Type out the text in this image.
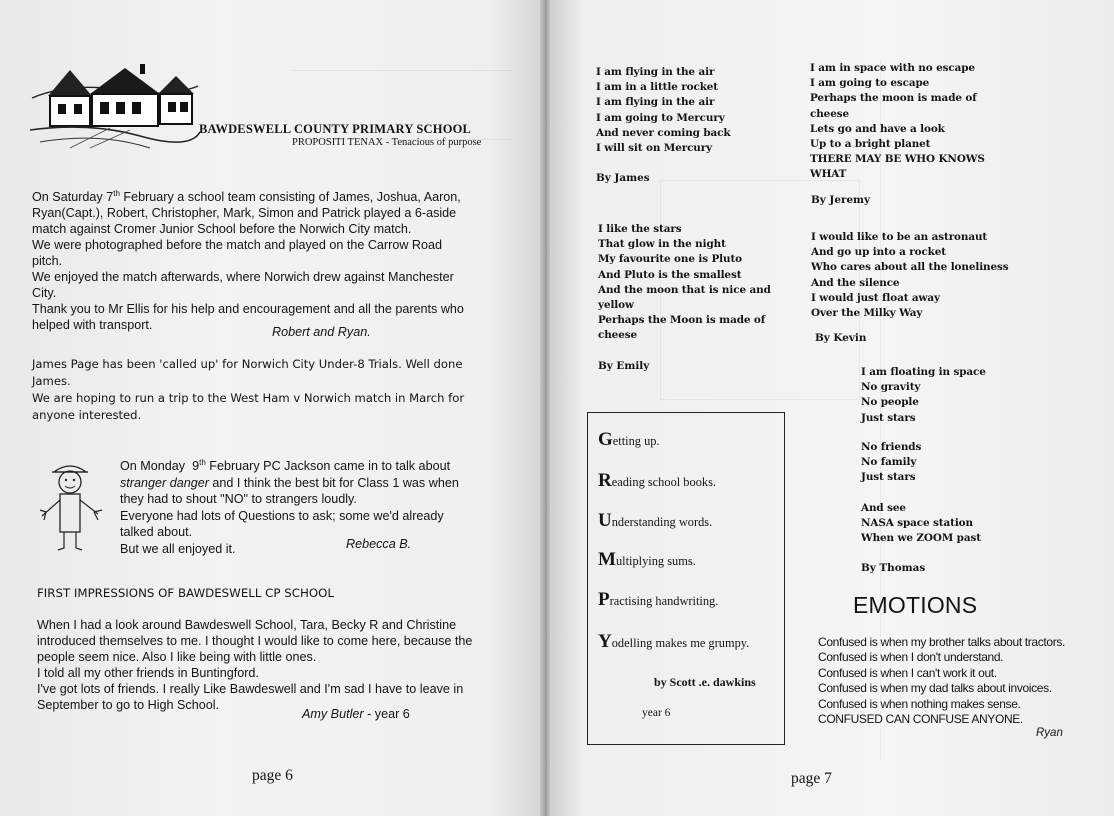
BAWDESWELL COUNTY PRIMARY SCHOOL
PROPOSITI TENAX - Tenacious of purpose
On Saturday 7th February a school team consisting of James, Joshua, Aaron,
Ryan(Capt.), Robert, Christopher, Mark, Simon and Patrick played a 6-aside
match against Cromer Junior School before the Norwich City match.
We were photographed before the match and played on the Carrow Road
pitch.
We enjoyed the match afterwards, where Norwich drew against Manchester
City.
Thank you to Mr Ellis for his help and encouragement and all the parents who
helped with transport.	Robert and Ryan.
James Page has been 'called up' for Norwich City Under-8 Trials. Well done
James.
We are hoping to run a trip to the West Ham v Norwich match in March for
anyone interested.
On Monday  9th February PC Jackson came in to talk about
stranger danger and I think the best bit for Class 1 was when
they had to shout "NO" to strangers loudly.
Everyone had lots of Questions to ask; some we'd already
talked about.
But we all enjoyed it.	Rebecca B.
FIRST IMPRESSIONS OF BAWDESWELL CP SCHOOL
When I had a look around Bawdeswell School, Tara, Becky R and Christine
introduced themselves to me. I thought I would like to come here, because the
people seem nice. Also I like being with little ones.
I told all my other friends in Buntingford.
I've got lots of friends. I really Like Bawdeswell and I'm sad I have to leave in
September to go to High School.
Amy Butler - year 6
page 6
I am flying in the air
I am in a little rocket
I am flying in the air
I am going to Mercury
And never coming back
I will sit on Mercury
By James
I am in space with no escape
I am going to escape
Perhaps the moon is made of
cheese
Lets go and have a look
Up to a bright planet
THERE MAY BE WHO KNOWS
WHAT
By Jeremy
I like the stars
That glow in the night
My favourite one is Pluto
And Pluto is the smallest
And the moon that is nice and
yellow
Perhaps the Moon is made of
cheese
By Emily
I would like to be an astronaut
And go up into a rocket
Who cares about all the loneliness
And the silence
I would just float away
Over the Milky Way
By Kevin
I am floating in space
No gravity
No people
Just stars
No friends
No family
Just stars
And see
NASA space station
When we ZOOM past
By Thomas
Getting up.
Reading school books.
Understanding words.
Multiplying sums.
Practising handwriting.
Yodelling makes me grumpy.
by Scott .e. dawkins
year 6
EMOTIONS
Confused is when my brother talks about tractors.
Confused is when I don't understand.
Confused is when I can't work it out.
Confused is when my dad talks about invoices.
Confused is when nothing makes sense.
CONFUSED CAN CONFUSE ANYONE.
Ryan
page 7
